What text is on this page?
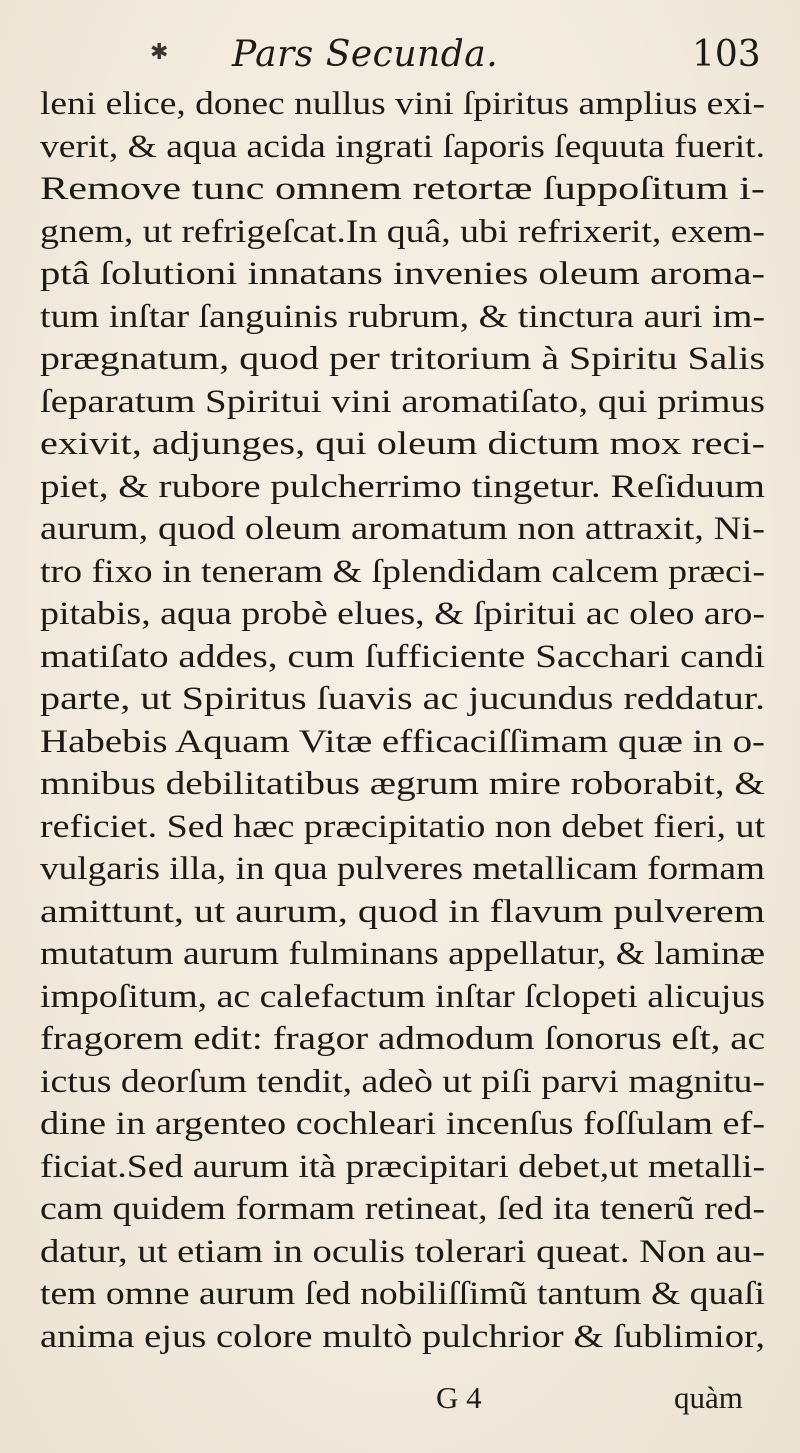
✱ Pars Secunda.	103
leni elice, donec nullus vini ſpiritus amplius exi-
verit, & aqua acida ingrati ſaporis ſequuta fuerit.
Remove tunc omnem retortæ ſuppoſitum i-
gnem, ut refrigeſcat.In quâ, ubi refrixerit, exem-
ptâ ſolutioni innatans invenies oleum aroma-
tum inſtar ſanguinis rubrum, & tinctura auri im-
prægnatum, quod per tritorium à Spiritu Salis
ſeparatum Spiritui vini aromatiſato, qui primus
exivit, adjunges, qui oleum dictum mox reci-
piet, & rubore pulcherrimo tingetur. Reſiduum
aurum, quod oleum aromatum non attraxit, Ni-
tro fixo in teneram & ſplendidam calcem præci-
pitabis, aqua probè elues, & ſpiritui ac oleo aro-
matiſato addes, cum ſufficiente Sacchari candi
parte, ut Spiritus ſuavis ac jucundus reddatur.
Habebis Aquam Vitæ efficaciſſimam quæ in o-
mnibus debilitatibus ægrum mire roborabit, &
reficiet. Sed hæc præcipitatio non debet fieri, ut
vulgaris illa, in qua pulveres metallicam formam
amittunt, ut aurum, quod in flavum pulverem
mutatum aurum fulminans appellatur, & laminæ
impoſitum, ac calefactum inſtar ſclopeti alicujus
fragorem edit: fragor admodum ſonorus eſt, ac
ictus deorſum tendit, adeò ut piſi parvi magnitu-
dine in argenteo cochleari incenſus foſſulam ef-
ficiat.Sed aurum ità præcipitari debet,ut metalli-
cam quidem formam retineat, ſed ita tenerũ red-
datur, ut etiam in oculis tolerari queat. Non au-
tem omne aurum ſed nobiliſſimũ tantum & quaſi
anima ejus colore multò pulchrior & ſublimior,
G 4	quàm
